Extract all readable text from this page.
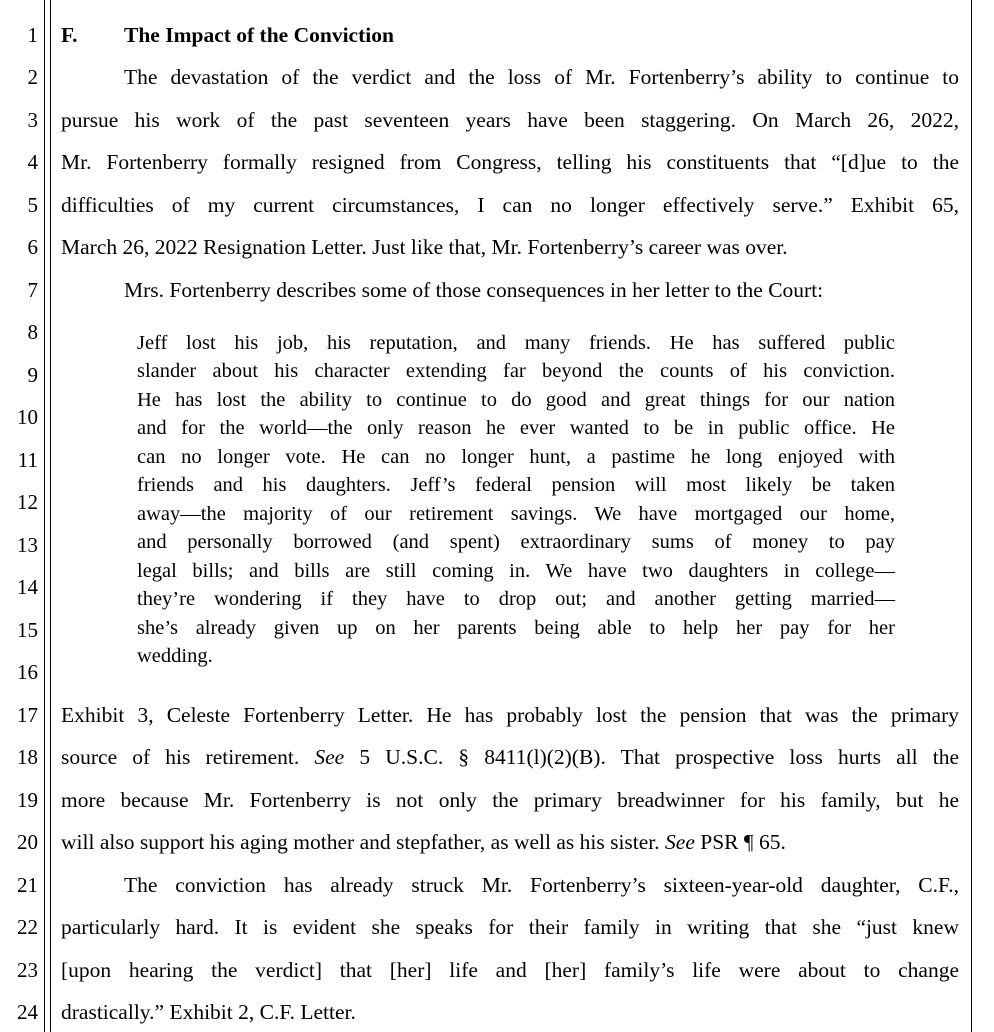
1
2
3
4
5
6
7
8
9
10
11
12
13
14
15
16
17
18
19
20
21
22
23
24
F. The Impact of the Conviction
The devastation of the verdict and the loss of Mr. Fortenberry’s ability to continue to
pursue his work of the past seventeen years have been staggering. On March 26, 2022,
Mr. Fortenberry formally resigned from Congress, telling his constituents that “[d]ue to the
difficulties of my current circumstances, I can no longer effectively serve.” Exhibit 65,
March 26, 2022 Resignation Letter. Just like that, Mr. Fortenberry’s career was over.
Mrs. Fortenberry describes some of those consequences in her letter to the Court:
Jeff lost his job, his reputation, and many friends. He has suffered public
slander about his character extending far beyond the counts of his conviction.
He has lost the ability to continue to do good and great things for our nation
and for the world—the only reason he ever wanted to be in public office. He
can no longer vote. He can no longer hunt, a pastime he long enjoyed with
friends and his daughters. Jeff’s federal pension will most likely be taken
away—the majority of our retirement savings. We have mortgaged our home,
and personally borrowed (and spent) extraordinary sums of money to pay
legal bills; and bills are still coming in. We have two daughters in college—
they’re wondering if they have to drop out; and another getting married—
she’s already given up on her parents being able to help her pay for her
wedding.
Exhibit 3, Celeste Fortenberry Letter. He has probably lost the pension that was the primary
source of his retirement. See 5 U.S.C. § 8411(l)(2)(B). That prospective loss hurts all the
more because Mr. Fortenberry is not only the primary breadwinner for his family, but he
will also support his aging mother and stepfather, as well as his sister. See PSR ¶ 65.
The conviction has already struck Mr. Fortenberry’s sixteen-year-old daughter, C.F.,
particularly hard. It is evident she speaks for their family in writing that she “just knew
[upon hearing the verdict] that [her] life and [her] family’s life were about to change
drastically.” Exhibit 2, C.F. Letter.
